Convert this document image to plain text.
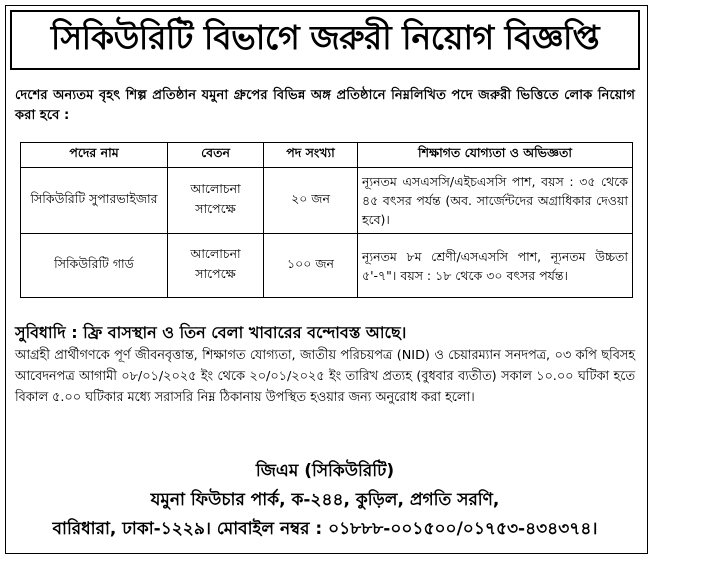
সিকিউরিটি বিভাগে জরুরী নিয়োগ বিজ্ঞপ্তি
দেশের অন্যতম বৃহৎ শিল্প প্রতিষ্ঠান যমুনা গ্রুপের বিভিন্ন অঙ্গ প্রতিষ্ঠানে নিম্নলিখিত পদে জরুরী ভিত্তিতে লোক নিয়োগ করা হবে :
পদের নাম	বেতন	পদ সংখ্যা	শিক্ষাগত যোগ্যতা ও অভিজ্ঞতা
সিকিউরিটি সুপারভাইজার	আলোচনা সাপেক্ষে	২০ জন	ন্যূনতম এসএসসি/এইচএসসি পাশ, বয়স : ৩৫ থেকে ৪৫ বৎসর পর্যন্ত (অব. সার্জেন্টদের অগ্রাধিকার দেওয়া হবে)।
সিকিউরিটি গার্ড	আলোচনা সাপেক্ষে	১০০ জন	ন্যূনতম ৮ম শ্রেণী/এসএসসি পাশ, ন্যূনতম উচ্চতা ৫'-৭"। বয়স : ১৮ থেকে ৩০ বৎসর পর্যন্ত।
সুবিধাদি : ফ্রি বাসস্থান ও তিন বেলা খাবারের বন্দোবস্ত আছে।
আগ্রহী প্রার্থীগণকে পূর্ণ জীবনবৃত্তান্ত, শিক্ষাগত যোগ্যতা, জাতীয় পরিচয়পত্র (NID) ও চেয়ারম্যান সনদপত্র, ০৩ কপি ছবিসহ আবেদনপত্র আগামী ০৮/০১/২০২৫ ইং থেকে ২০/০১/২০২৫ ইং তারিখ প্রত্যহ (বুধবার ব্যতীত) সকাল ১০.০০ ঘটিকা হতে বিকাল ৫.০০ ঘটিকার মধ্যে সরাসরি নিম্ন ঠিকানায় উপস্থিত হওয়ার জন্য অনুরোধ করা হলো।
জিএম (সিকিউরিটি)
যমুনা ফিউচার পার্ক, ক-২৪৪, কুড়িল, প্রগতি সরণি,
বারিধারা, ঢাকা-১২২৯। মোবাইল নম্বর : ০১৮৮৮-০০১৫০০/০১৭৫৩-৪৩৪৩৭৪।
